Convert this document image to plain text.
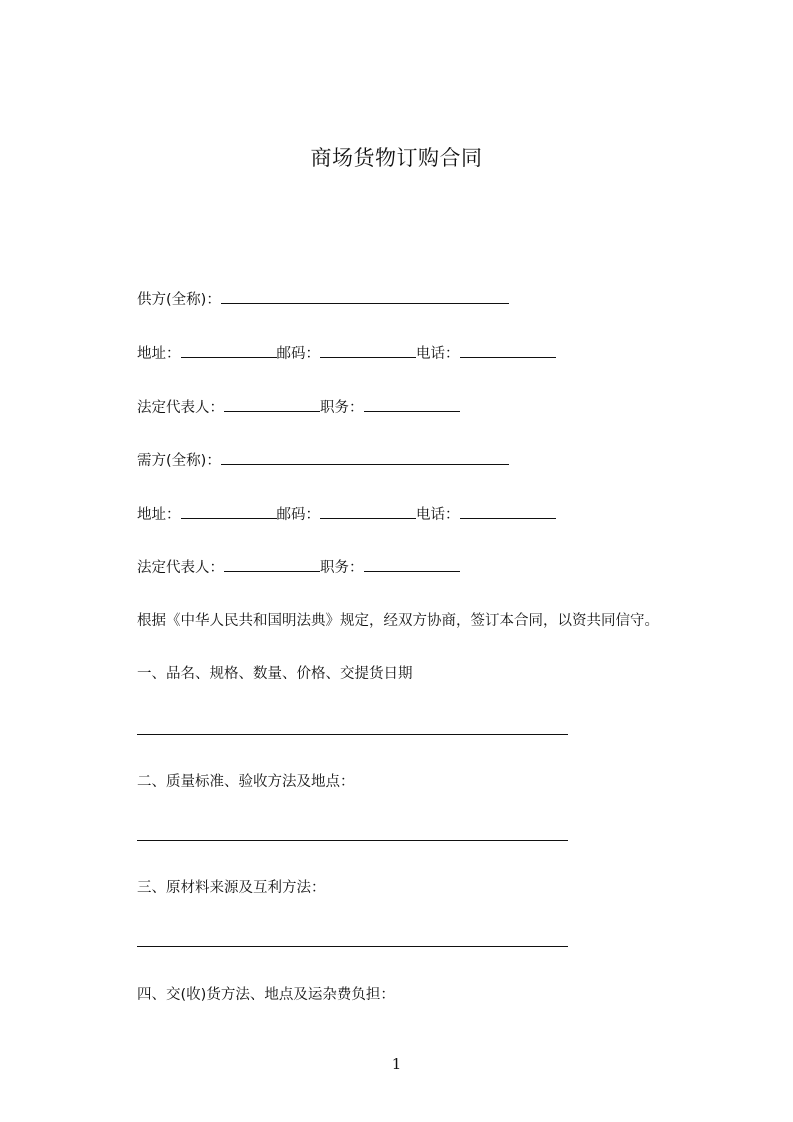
商场货物订购合同
供方(全称)：
地址：	邮码：	电话：
法定代表人：	职务：
需方(全称)：
地址：	邮码：	电话：
法定代表人：	职务：
根据《中华人民共和国明法典》规定，经双方协商，签订本合同，以资共同信守。
一、品名、规格、数量、价格、交提货日期
二、质量标准、验收方法及地点：
三、原材料来源及互利方法：
四、交(收)货方法、地点及运杂费负担：
1
